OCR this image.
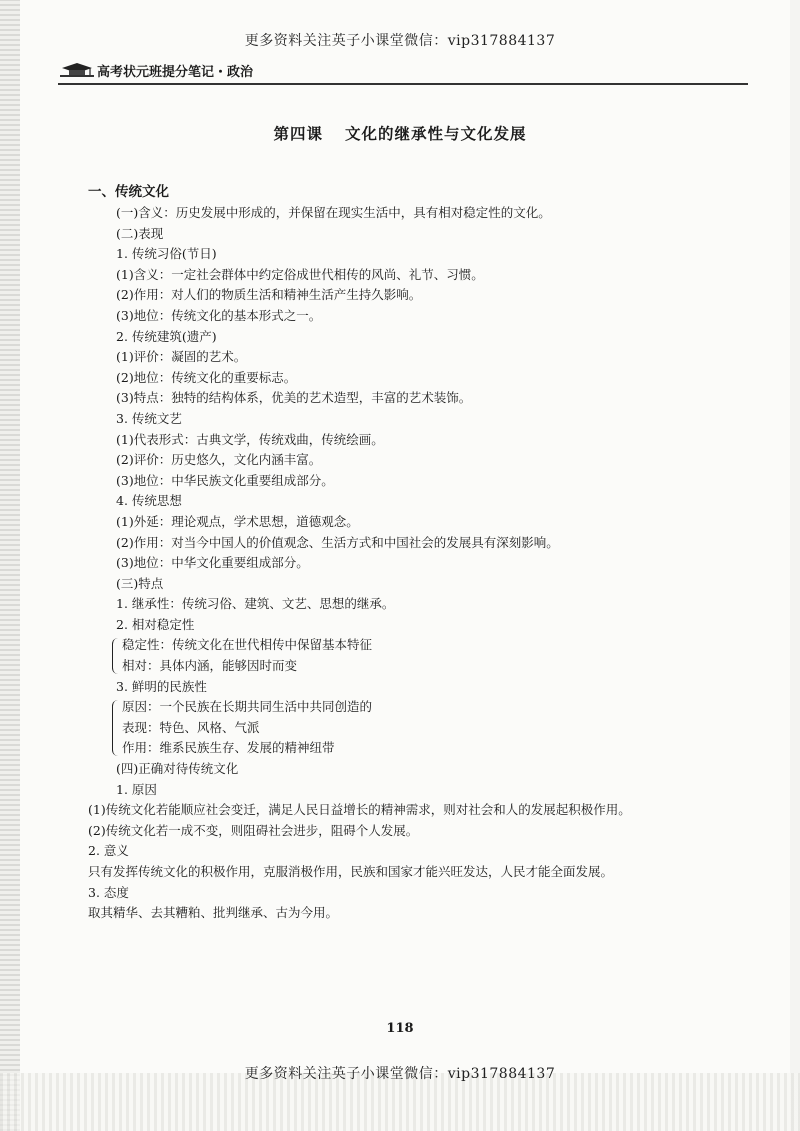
更多资料关注英子小课堂微信：vip317884137
高考状元班提分笔记・政治
第四课 文化的继承性与文化发展
一、传统文化
(一)含义：历史发展中形成的，并保留在现实生活中，具有相对稳定性的文化。
(二)表现
1. 传统习俗(节日)
(1)含义：一定社会群体中约定俗成世代相传的风尚、礼节、习惯。
(2)作用：对人们的物质生活和精神生活产生持久影响。
(3)地位：传统文化的基本形式之一。
2. 传统建筑(遗产)
(1)评价：凝固的艺术。
(2)地位：传统文化的重要标志。
(3)特点：独特的结构体系，优美的艺术造型，丰富的艺术装饰。
3. 传统文艺
(1)代表形式：古典文学，传统戏曲，传统绘画。
(2)评价：历史悠久，文化内涵丰富。
(3)地位：中华民族文化重要组成部分。
4. 传统思想
(1)外延：理论观点，学术思想，道德观念。
(2)作用：对当今中国人的价值观念、生活方式和中国社会的发展具有深刻影响。
(3)地位：中华文化重要组成部分。
(三)特点
1. 继承性：传统习俗、建筑、文艺、思想的继承。
2. 相对稳定性
稳定性：传统文化在世代相传中保留基本特征
相对：具体内涵，能够因时而变
3. 鲜明的民族性
原因：一个民族在长期共同生活中共同创造的
表现：特色、风格、气派
作用：维系民族生存、发展的精神纽带
(四)正确对待传统文化
1. 原因
(1)传统文化若能顺应社会变迁，满足人民日益增长的精神需求，则对社会和人的发展起积极作用。
(2)传统文化若一成不变，则阻碍社会进步，阻碍个人发展。
2. 意义
只有发挥传统文化的积极作用，克服消极作用，民族和国家才能兴旺发达，人民才能全面发展。
3. 态度
取其精华、去其糟粕、批判继承、古为今用。
118
更多资料关注英子小课堂微信：vip317884137
